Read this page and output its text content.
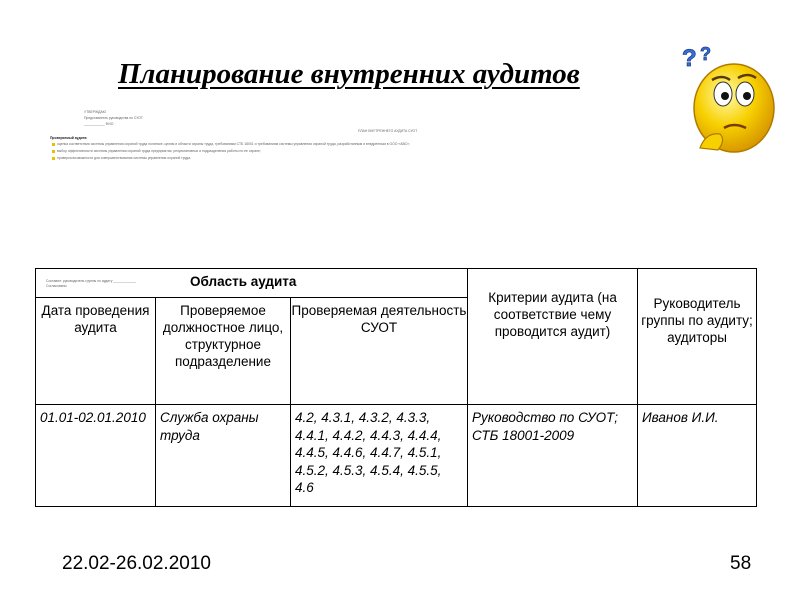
Планирование внутренних аудитов	? ?
УТВЕРЖДАЮ
Представитель руководства по СУОТ
___________ ФИО
ПЛАН ВНУТРЕННЕГО АУДИТА СУОТ
Проверяемый аудита:
оценка соответствия системы управления охраной труда политике, целям и области охраны труда, требованиям СТБ 18001 и требованиям системы управления охраной труда, разработанным и внедренным в ООО «АВС»;
выбор эффективности системы управления охраной труда предприятия, результативных и подразделения работы по ее охране;
проверка возможности для совершенствования системы управления охраной труда.
Составил: руководитель группы по аудиту ____________
Согласовано: Область аудита			Критерии аудита (на соответствие чему проводится аудит)	Руководитель группы по аудиту; аудиторы
Дата проведения аудита	Проверяемое должностное лицо, структурное подразделение	Проверяемая деятельность СУОТ		
01.01-02.01.2010	Служба охраны труда	4.2, 4.3.1, 4.3.2, 4.3.3, 4.4.1, 4.4.2, 4.4.3, 4.4.4, 4.4.5, 4.4.6, 4.4.7, 4.5.1, 4.5.2, 4.5.3, 4.5.4, 4.5.5, 4.6	Руководство по СУОТ; СТБ 18001-2009	Иванов И.И.
22.02-26.02.2010	58
